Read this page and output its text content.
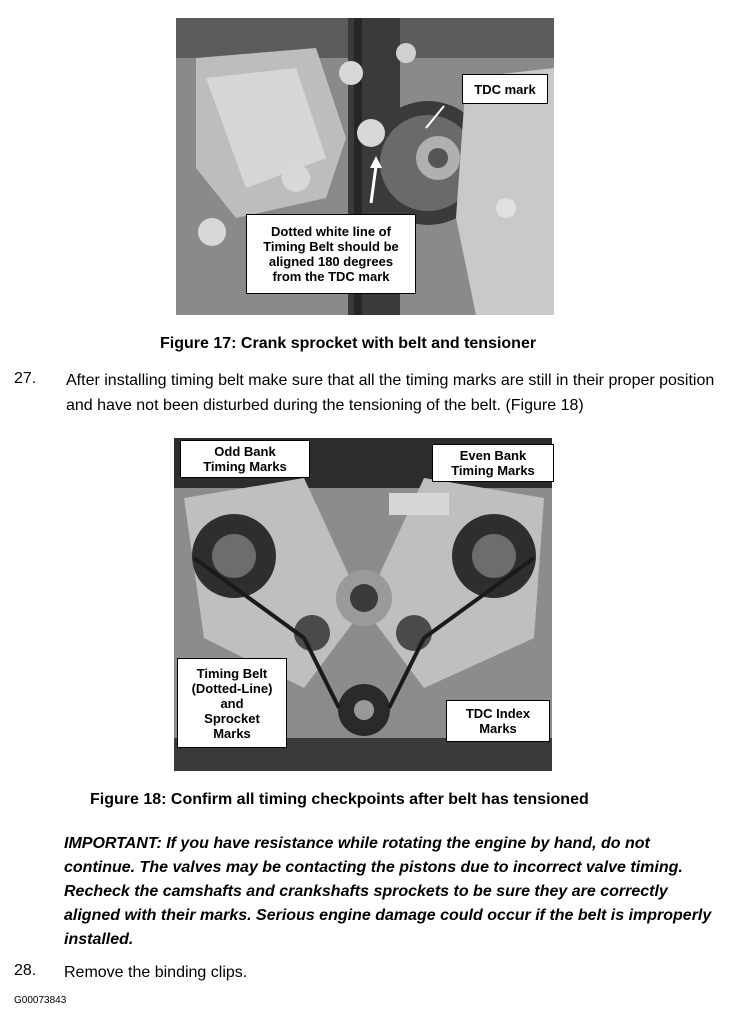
TDC mark
Dotted white line of
Timing Belt should be
aligned 180 degrees
from the TDC mark
Figure 17: Crank sprocket with belt and tensioner
27. After installing timing belt make sure that all the timing marks are still in their proper position and have not been disturbed during the tensioning of the belt. (Figure 18)
Odd Bank
Timing Marks
Even Bank
Timing Marks
Timing Belt
(Dotted-Line)
and
Sprocket
Marks
TDC Index
Marks
Figure 18: Confirm all timing checkpoints after belt has tensioned
IMPORTANT: If you have resistance while rotating the engine by hand, do not continue. The valves may be contacting the pistons due to incorrect valve timing. Recheck the camshafts and crankshafts sprockets to be sure they are correctly aligned with their marks. Serious engine damage could occur if the belt is improperly installed.
28. Remove the binding clips.
G00073843
